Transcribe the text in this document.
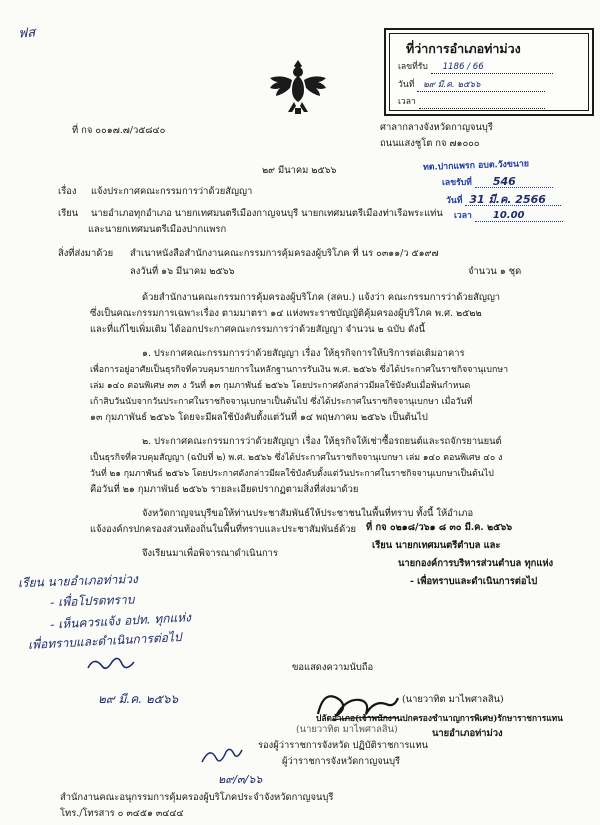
ฟส
ที่ว่าการอำเภอท่าม่วง
เลขที่รับ 1186 / 66
วันที่ ๒๙ มี.ค. ๒๕๖๖
เวลา
ที่ กจ ๐๐๑๗.๗/ว๕๘๔๐	ศาลากลางจังหวัดกาญจนบุรี
ถนนแสงชูโต กจ ๗๑๐๐๐
๒๙ มีนาคม ๒๕๖๖	ทต.ปากแพรก อบต.วังขนาย
เลขรับที่ 546
วันที่ 31 มี.ค. 2566
เวลา 10.00
เรื่อง แจ้งประกาศคณะกรรมการว่าด้วยสัญญา
เรียน นายอำเภอทุกอำเภอ นายกเทศมนตรีเมืองกาญจนบุรี นายกเทศมนตรีเมืองท่าเรือพระแท่น
และนายกเทศมนตรีเมืองปากแพรก
สิ่งที่ส่งมาด้วย สำเนาหนังสือสำนักงานคณะกรรมการคุ้มครองผู้บริโภค ที่ นร ๐๓๑๑/ว ๕๑๙๗
ลงวันที่ ๑๖ มีนาคม ๒๕๖๖	จำนวน ๑ ชุด
ด้วยสำนักงานคณะกรรมการคุ้มครองผู้บริโภค (สคบ.) แจ้งว่า คณะกรรมการว่าด้วยสัญญา
ซึ่งเป็นคณะกรรมการเฉพาะเรื่อง ตามมาตรา ๑๔ แห่งพระราชบัญญัติคุ้มครองผู้บริโภค พ.ศ. ๒๕๒๒
และที่แก้ไขเพิ่มเติม ได้ออกประกาศคณะกรรมการว่าด้วยสัญญา จำนวน ๒ ฉบับ ดังนี้
๑. ประกาศคณะกรรมการว่าด้วยสัญญา เรื่อง ให้ธุรกิจการให้บริการต่อเติมอาคาร
เพื่อการอยู่อาศัยเป็นธุรกิจที่ควบคุมรายการในหลักฐานการรับเงิน พ.ศ. ๒๕๖๖ ซึ่งได้ประกาศในราชกิจจานุเบกษา
เล่ม ๑๔๐ ตอนพิเศษ ๓๓ ง วันที่ ๑๓ กุมภาพันธ์ ๒๕๖๖ โดยประกาศดังกล่าวมีผลใช้บังคับเมื่อพ้นกำหนด
เก้าสิบวันนับจากวันประกาศในราชกิจจานุเบกษาเป็นต้นไป ซึ่งได้ประกาศในราชกิจจานุเบกษา เมื่อวันที่
๑๓ กุมภาพันธ์ ๒๕๖๖ โดยจะมีผลใช้บังคับตั้งแต่วันที่ ๑๔ พฤษภาคม ๒๕๖๖ เป็นต้นไป
๒. ประกาศคณะกรรมการว่าด้วยสัญญา เรื่อง ให้ธุรกิจให้เช่าซื้อรถยนต์และรถจักรยานยนต์
เป็นธุรกิจที่ควบคุมสัญญา (ฉบับที่ ๒) พ.ศ. ๒๕๖๖ ซึ่งได้ประกาศในราชกิจจานุเบกษา เล่ม ๑๔๐ ตอนพิเศษ ๔๐ ง
วันที่ ๒๑ กุมภาพันธ์ ๒๕๖๖ โดยประกาศดังกล่าวมีผลใช้บังคับตั้งแต่วันประกาศในราชกิจจานุเบกษาเป็นต้นไป
คือวันที่ ๒๑ กุมภาพันธ์ ๒๕๖๖ รายละเอียดปรากฏตามสิ่งที่ส่งมาด้วย
จังหวัดกาญจนบุรีขอให้ท่านประชาสัมพันธ์ให้ประชาชนในพื้นที่ทราบ ทั้งนี้ ให้อำเภอ
แจ้งองค์กรปกครองส่วนท้องถิ่นในพื้นที่ทราบและประชาสัมพันธ์ด้วย ที่ กจ ๐๒๑๘/ว๖๑ ๘ ๓๐ มี.ค. ๒๕๖๖
เรียน นายกเทศมนตรีตำบล และ
นายกองค์การบริหารส่วนตำบล ทุกแห่ง
- เพื่อทราบและดำเนินการต่อไป
จึงเรียนมาเพื่อพิจารณาดำเนินการ
เรียน นายอำเภอท่าม่วง
- เพื่อโปรดทราบ
- เห็นควรแจ้ง อปท. ทุกแห่ง
เพื่อทราบและดำเนินการต่อไป
๒๙ มี.ค. ๒๕๖๖
ขอแสดงความนับถือ
(นายวาทิต มาไพศาลสิน)
ปลัดอำเภอ(เจ้าพนักงานปกครองชำนาญการพิเศษ)รักษาราชการแทน
นายอำเภอท่าม่วง
(นายวาทิต มาไพศาลสิน)
รองผู้ว่าราชการจังหวัด ปฏิบัติราชการแทน
ผู้ว่าราชการจังหวัดกาญจนบุรี
๒๙/๓/๖๖
สำนักงานคณะอนุกรรมการคุ้มครองผู้บริโภคประจำจังหวัดกาญจนบุรี
โทร./โทรสาร ๐ ๓๔๕๑ ๓๔๔๔
